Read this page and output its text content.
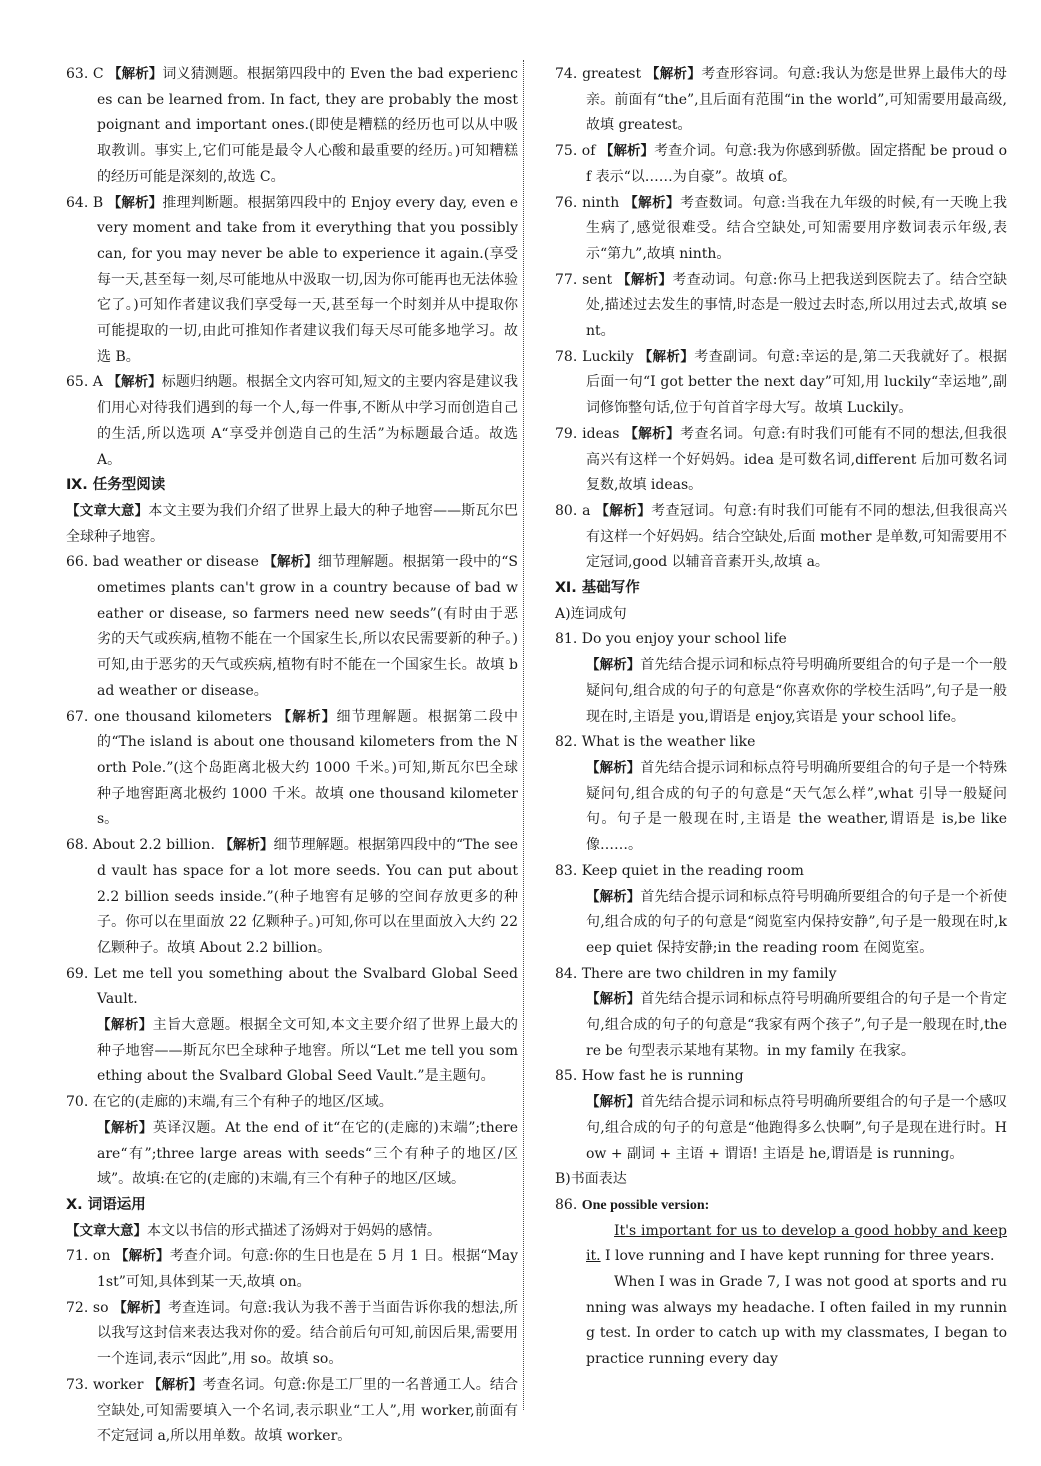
63. C 【解析】词义猜测题。根据第四段中的 Even the bad experiences can be learned from. In fact, they are probably the most poignant and important ones.(即使是糟糕的经历也可以从中吸取教训。事实上,它们可能是最令人心酸和最重要的经历。)可知糟糕的经历可能是深刻的,故选 C。
64. B 【解析】推理判断题。根据第四段中的 Enjoy every day, even every moment and take from it everything that you possibly can, for you may never be able to experience it again.(享受每一天,甚至每一刻,尽可能地从中汲取一切,因为你可能再也无法体验它了。)可知作者建议我们享受每一天,甚至每一个时刻并从中提取你可能提取的一切,由此可推知作者建议我们每天尽可能多地学习。故选 B。
65. A 【解析】标题归纳题。根据全文内容可知,短文的主要内容是建议我们用心对待我们遇到的每一个人,每一件事,不断从中学习而创造自己的生活,所以选项 A“享受并创造自己的生活”为标题最合适。故选 A。
Ⅸ. 任务型阅读
【文章大意】本文主要为我们介绍了世界上最大的种子地窖——斯瓦尔巴全球种子地窖。
66. bad weather or disease 【解析】细节理解题。根据第一段中的“Sometimes plants can't grow in a country because of bad weather or disease, so farmers need new seeds”(有时由于恶劣的天气或疾病,植物不能在一个国家生长,所以农民需要新的种子。)可知,由于恶劣的天气或疾病,植物有时不能在一个国家生长。故填 bad weather or disease。
67. one thousand kilometers 【解析】细节理解题。根据第二段中的“The island is about one thousand kilometers from the North Pole.”(这个岛距离北极大约 1000 千米。)可知,斯瓦尔巴全球种子地窖距离北极约 1000 千米。故填 one thousand kilometers。
68. About 2.2 billion. 【解析】细节理解题。根据第四段中的“The seed vault has space for a lot more seeds. You can put about 2.2 billion seeds inside.”(种子地窖有足够的空间存放更多的种子。你可以在里面放 22 亿颗种子。)可知,你可以在里面放入大约 22 亿颗种子。故填 About 2.2 billion。
69. Let me tell you something about the Svalbard Global Seed Vault.
【解析】主旨大意题。根据全文可知,本文主要介绍了世界上最大的种子地窖——斯瓦尔巴全球种子地窖。所以“Let me tell you something about the Svalbard Global Seed Vault.”是主题句。
70. 在它的(走廊的)末端,有三个有种子的地区/区域。
【解析】英译汉题。At the end of it“在它的(走廊的)末端”;there are“有”;three large areas with seeds“三个有种子的地区/区域”。故填:在它的(走廊的)末端,有三个有种子的地区/区域。
Ⅹ. 词语运用
【文章大意】本文以书信的形式描述了汤姆对于妈妈的感情。
71. on 【解析】考查介词。句意:你的生日也是在 5 月 1 日。根据“May 1st”可知,具体到某一天,故填 on。
72. so 【解析】考查连词。句意:我认为我不善于当面告诉你我的想法,所以我写这封信来表达我对你的爱。结合前后句可知,前因后果,需要用一个连词,表示“因此”,用 so。故填 so。
73. worker 【解析】考查名词。句意:你是工厂里的一名普通工人。结合空缺处,可知需要填入一个名词,表示职业“工人”,用 worker,前面有不定冠词 a,所以用单数。故填 worker。
74. greatest 【解析】考查形容词。句意:我认为您是世界上最伟大的母亲。前面有“the”,且后面有范围“in the world”,可知需要用最高级,故填 greatest。
75. of 【解析】考查介词。句意:我为你感到骄傲。固定搭配 be proud of 表示“以……为自豪”。故填 of。
76. ninth 【解析】考查数词。句意:当我在九年级的时候,有一天晚上我生病了,感觉很难受。结合空缺处,可知需要用序数词表示年级,表示“第九”,故填 ninth。
77. sent 【解析】考查动词。句意:你马上把我送到医院去了。结合空缺处,描述过去发生的事情,时态是一般过去时态,所以用过去式,故填 sent。
78. Luckily 【解析】考查副词。句意:幸运的是,第二天我就好了。根据后面一句“I got better the next day”可知,用 luckily“幸运地”,副词修饰整句话,位于句首首字母大写。故填 Luckily。
79. ideas 【解析】考查名词。句意:有时我们可能有不同的想法,但我很高兴有这样一个好妈妈。idea 是可数名词,different 后加可数名词复数,故填 ideas。
80. a 【解析】考查冠词。句意:有时我们可能有不同的想法,但我很高兴有这样一个好妈妈。结合空缺处,后面 mother 是单数,可知需要用不定冠词,good 以辅音音素开头,故填 a。
Ⅺ. 基础写作
A)连词成句
81. Do you enjoy your school life
【解析】首先结合提示词和标点符号明确所要组合的句子是一个一般疑问句,组合成的句子的句意是“你喜欢你的学校生活吗”,句子是一般现在时,主语是 you,谓语是 enjoy,宾语是 your school life。
82. What is the weather like
【解析】首先结合提示词和标点符号明确所要组合的句子是一个特殊疑问句,组合成的句子的句意是“天气怎么样”,what 引导一般疑问句。句子是一般现在时,主语是 the weather,谓语是 is,be like 像……。
83. Keep quiet in the reading room
【解析】首先结合提示词和标点符号明确所要组合的句子是一个祈使句,组合成的句子的句意是“阅览室内保持安静”,句子是一般现在时,keep quiet 保持安静;in the reading room 在阅览室。
84. There are two children in my family
【解析】首先结合提示词和标点符号明确所要组合的句子是一个肯定句,组合成的句子的句意是“我家有两个孩子”,句子是一般现在时,there be 句型表示某地有某物。in my family 在我家。
85. How fast he is running
【解析】首先结合提示词和标点符号明确所要组合的句子是一个感叹句,组合成的句子的句意是“他跑得多么快啊”,句子是现在进行时。How + 副词 + 主语 + 谓语! 主语是 he,谓语是 is running。
B)书面表达
86. One possible version:

It's important for us to develop a good hobby and keep it. I love running and I have kept running for three years.

When I was in Grade 7, I was not good at sports and running was always my headache. I often failed in my running test. In order to catch up with my classmates, I began to practice running every day
